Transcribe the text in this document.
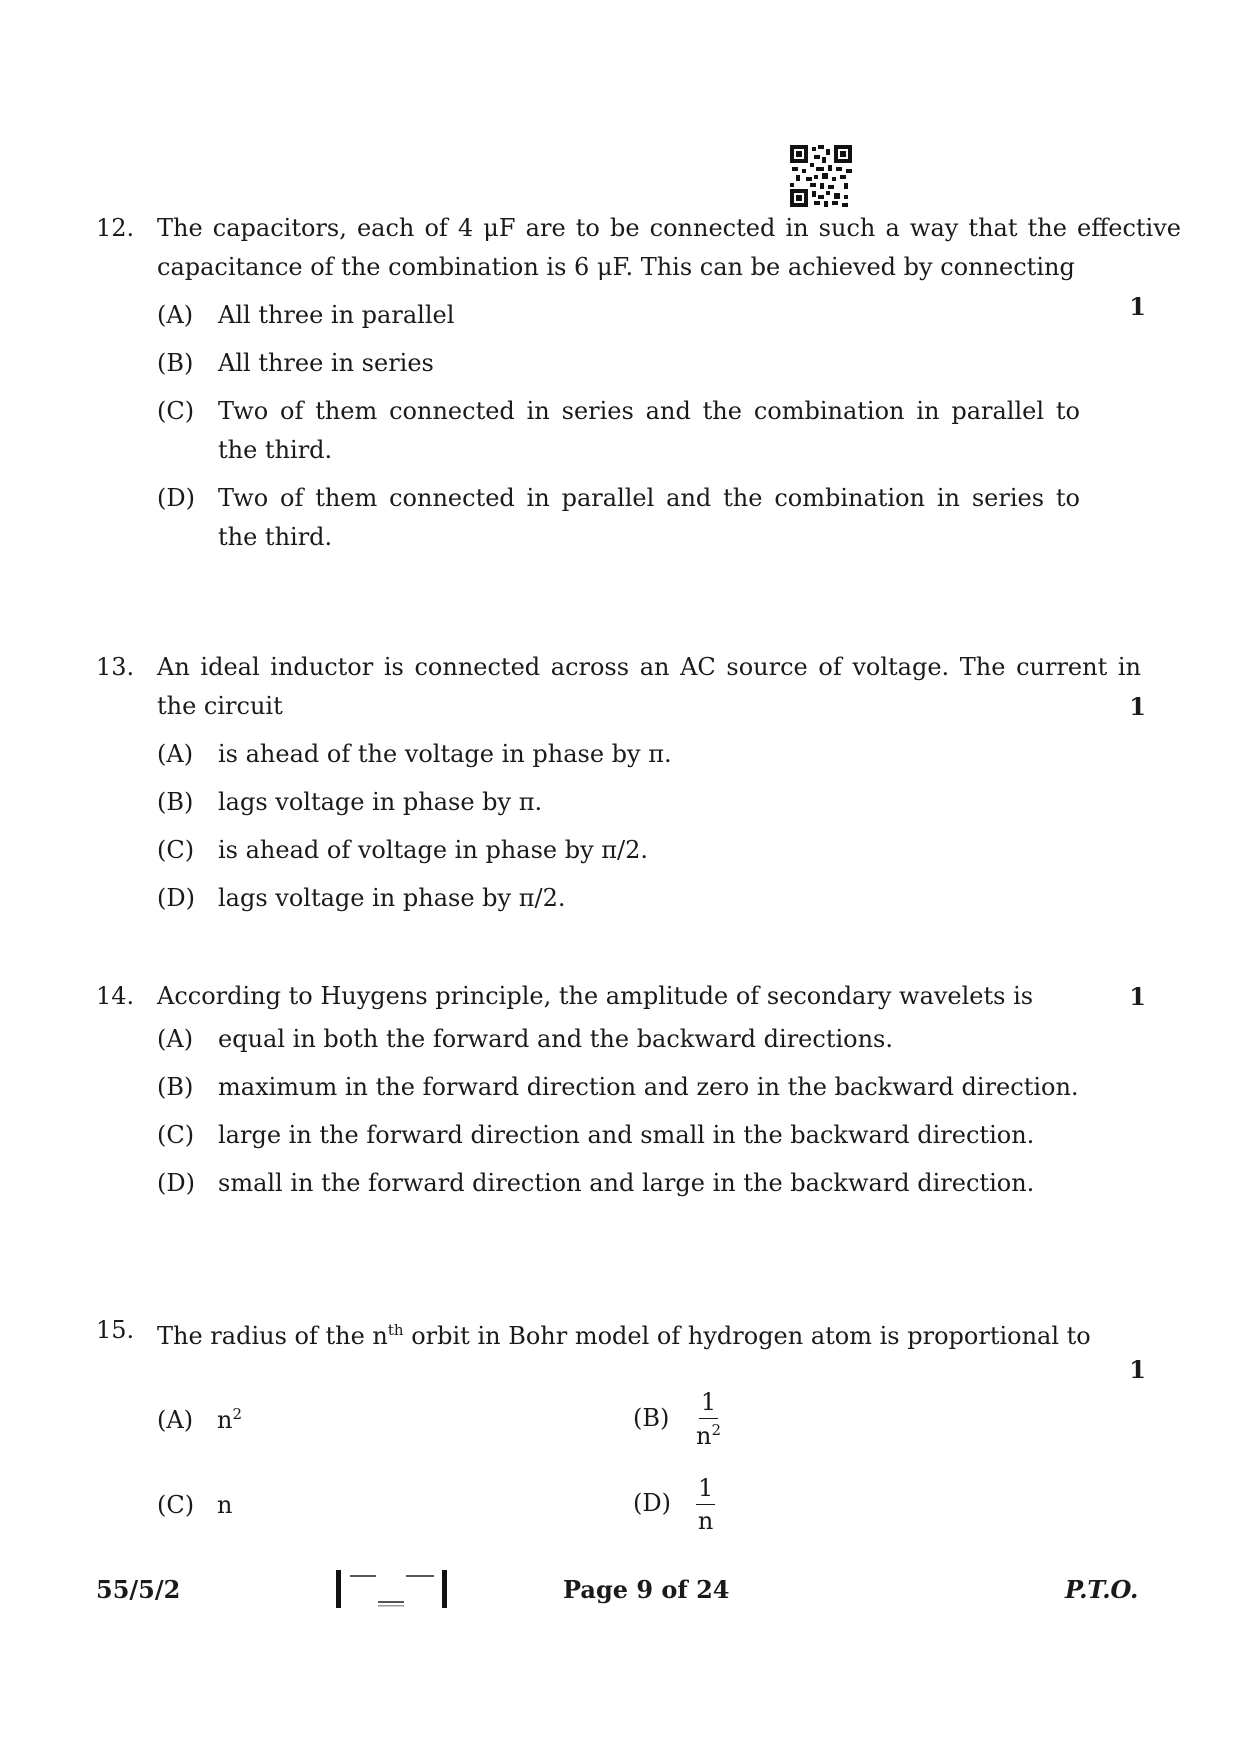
12. The capacitors, each of 4 μF are to be connected in such a way that the effective capacitance of the combination is 6 μF. This can be achieved by connecting
1
(A) All three in parallel
(B) All three in series
(C) Two of them connected in series and the combination in parallel to the third.
(D) Two of them connected in parallel and the combination in series to the third.
13. An ideal inductor is connected across an AC source of voltage. The current in the circuit	1
(A) is ahead of the voltage in phase by π.
(B) lags voltage in phase by π.
(C) is ahead of voltage in phase by π/2.
(D) lags voltage in phase by π/2.
14. According to Huygens principle, the amplitude of secondary wavelets is	1
(A) equal in both the forward and the backward directions.
(B) maximum in the forward direction and zero in the backward direction.
(C) large in the forward direction and small in the backward direction.
(D) small in the forward direction and large in the backward direction.
15. The radius of the $n^{th}$ orbit in Bohr model of hydrogen atom is proportional to
1
(A) $n^2$	$(B) \frac{1}{n^2}$
(C) n	$(D) \frac{1}{n}$
55/5/2	Page 9 of 24	P.T.O.
